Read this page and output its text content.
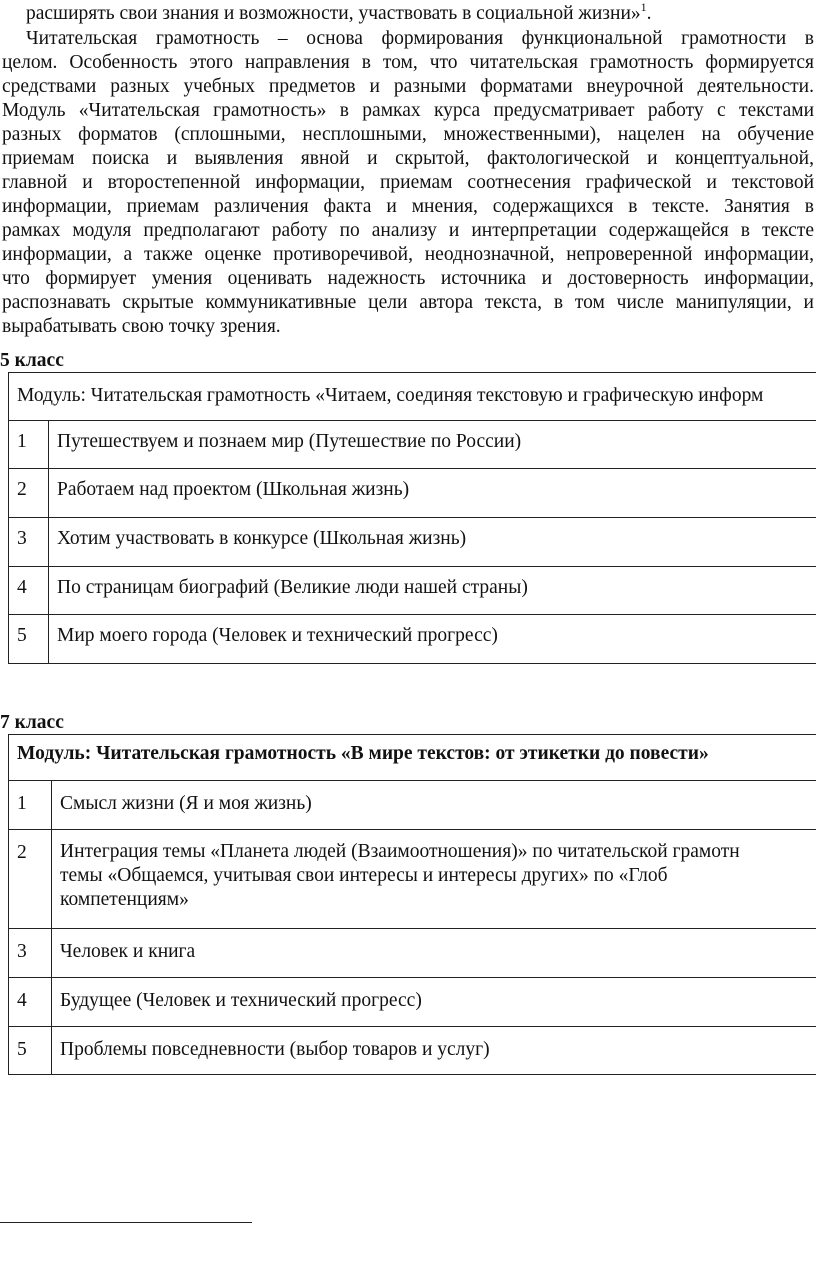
расширять свои знания и возможности, участвовать в социальной жизни»$^1$.
Читательская грамотность – основа формирования функциональной грамотности в
целом. Особенность этого направления в том, что читательская грамотность формируется
средствами разных учебных предметов и разными форматами внеурочной деятельности.
Модуль «Читательская грамотность» в рамках курса предусматривает работу с текстами
разных форматов (сплошными, несплошными, множественными), нацелен на обучение
приемам поиска и выявления явной и скрытой, фактологической и концептуальной,
главной и второстепенной информации, приемам соотнесения графической и текстовой
информации, приемам различения факта и мнения, содержащихся в тексте. Занятия в
рамках модуля предполагают работу по анализу и интерпретации содержащейся в тексте
информации, а также оценке противоречивой, неоднозначной, непроверенной информации,
что формирует умения оценивать надежность источника и достоверность информации,
распознавать скрытые коммуникативные цели автора текста, в том числе манипуляции, и
вырабатывать свою точку зрения.
5 класс
Модуль: Читательская грамотность «Читаем, соединяя текстовую и графическую информ	
1	Путешествуем и познаем мир (Путешествие по России)
2	Работаем над проектом (Школьная жизнь)
3	Хотим участвовать в конкурсе (Школьная жизнь)
4	По страницам биографий (Великие люди нашей страны)
5	Мир моего города (Человек и технический прогресс)
7 класс
Модуль: Читательская грамотность «В мире текстов: от этикетки до повести»	
1	Смысл жизни (Я и моя жизнь)
2	Интеграция темы «Планета людей (Взаимоотношения)» по читательской грамотн
темы «Общаемся, учитывая свои интересы и интересы других» по «Глоб
компетенциям»

3	Человек и книга
4	Будущее (Человек и технический прогресс)
5	Проблемы повседневности (выбор товаров и услуг)
